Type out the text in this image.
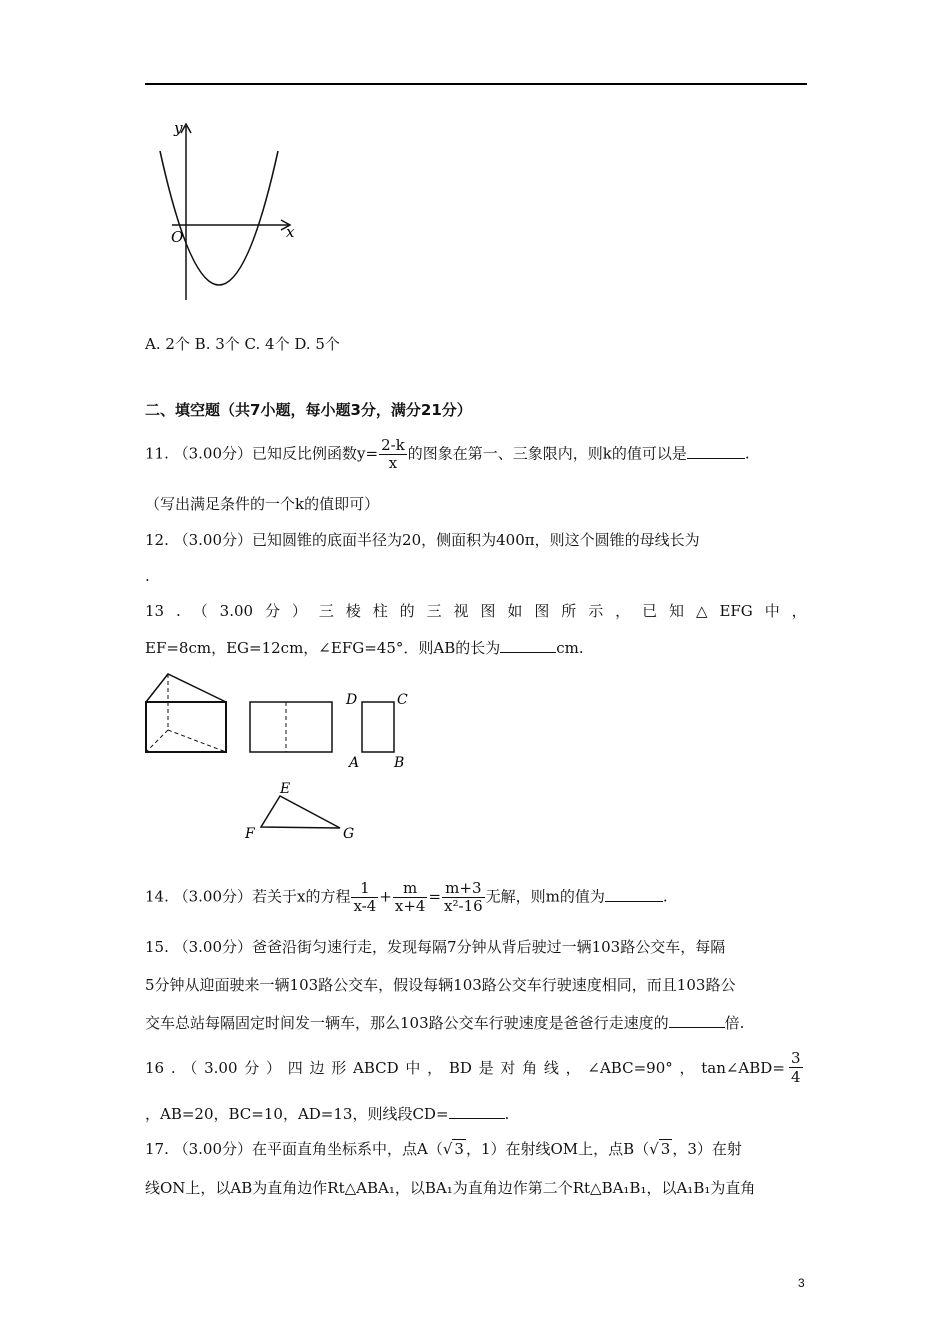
y
x
O
A. 2个 B. 3个 C. 4个 D. 5个
二、填空题（共7小题，每小题3分，满分21分）
11. （3.00分）已知反比例函数$y= \frac{2-k}{x}$ 的图象在第一、三象限内，则k的值可以是	.
（写出满足条件的一个k的值即可）
12. （3.00分）已知圆锥的底面半径为20，侧面积为400π，则这个圆锥的母线长为
.
13 . （ 3.00 分 ） 三 棱 柱 的 三 视 图 如 图 所 示 ， 已 知 △ EFG 中 ，
EF=8cm，EG=12cm，∠EFG=45°．则AB的长为	cm.
D	C
A B
E
F	G
14. （3.00分）若关于x的方程 $\frac{1}{x-4} + \frac{m}{x+4} = \frac{m+3}{\text{x²-16}}$ 无解，则m的值为	.
15. （3.00分）爸爸沿街匀速行走，发现每隔7分钟从背后驶过一辆103路公交车，每隔
5分钟从迎面驶来一辆103路公交车，假设每辆103路公交车行驶速度相同，而且103路公
交车总站每隔固定时间发一辆车，那么103路公交车行驶速度是爸爸行走速度的	倍.
16 . （ 3.00 分 ） 四 边 形 ABCD 中 ， BD 是 对 角 线 ， ∠ABC=90° ， tan∠ABD= $\frac{3}{4}$
，AB=20，BC=10，AD=13，则线段CD=	.
17. （3.00分）在平面直角坐标系中，点A（√ 3 ，1）在射线OM上，点B（√ 3 ，3）在射
线ON上，以AB为直角边作Rt△ABA₁，以BA₁为直角边作第二个Rt△BA₁B₁，以A₁B₁为直角
3
